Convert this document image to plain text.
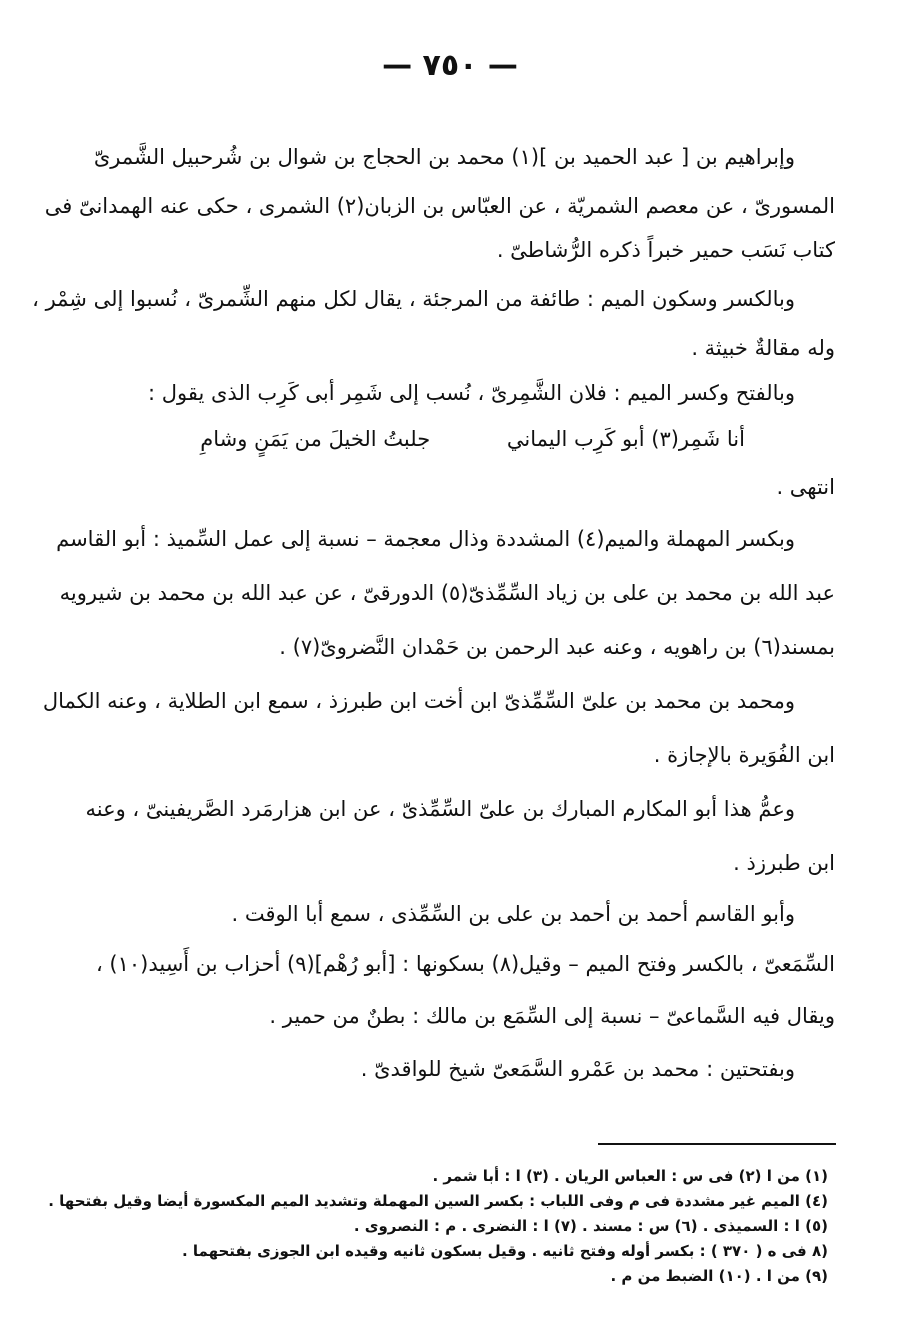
— ٧٥٠ —
وإبراهيم بن [ عبد الحميد بن ](١) محمد بن الحجاج بن شوال بن شُرحبيل الشَّمرىّ
المسورىّ ، عن معصم الشمريّة ، عن العبّاس بن الزبان(٢) الشمرى ، حكى عنه الهمدانىّ فى
كتاب نَسَب حمير خبراً ذكره الرُّشاطىّ .
وبالكسر وسكون الميم : طائفة من المرجئة ، يقال لكل منهم الشِّمرىّ ، نُسبوا إلى شِمْر ،
وله مقالةٌ خبيثة .
وبالفتح وكسر الميم : فلان الشَّمِرىّ ، نُسب إلى شَمِر أبى كَرِب الذى يقول :
أنا شَمِر(٣) أبو كَرِب اليماني جلبتُ الخيلَ من يَمَنٍ وشامِ
انتهى .
وبكسر المهملة والميم(٤) المشددة وذال معجمة – نسبة إلى عمل السِّميذ : أبو القاسم
عبد الله بن محمد بن على بن زياد السِّمِّذىّ(٥) الدورقىّ ، عن عبد الله بن محمد بن شيرويه
بمسند(٦) بن راهويه ، وعنه عبد الرحمن بن حَمْدان النَّضروىّ(٧) .
ومحمد بن محمد بن علىّ السِّمِّذىّ ابن أخت ابن طبرزذ ، سمع ابن الطلاية ، وعنه الكمال
ابن الفُوَيرة بالإجازة .
وعمُّ هذا أبو المكارم المبارك بن علىّ السِّمِّذىّ ، عن ابن هزارمَرد الصَّريفينىّ ، وعنه
ابن طبرزذ .
وأبو القاسم أحمد بن أحمد بن على بن السِّمِّذى ، سمع أبا الوقت .
السِّمَعىّ ، بالكسر وفتح الميم – وقيل(٨) بسكونها : [أبو رُهْم](٩) أحزاب بن أَسِيد(١٠) ،
ويقال فيه السَّماعىّ – نسبة إلى السِّمَع بن مالك : بطنٌ من حمير .
وبفتحتين : محمد بن عَمْرو السَّمَعىّ شيخ للواقدىّ .
(١) من ا (٢) فى س : العباس الريان . (٣) ا : أبا شمر .
(٤) الميم غير مشددة فى م وفى اللباب : بكسر السين المهملة وتشديد الميم المكسورة أيضا وقيل بفتحها .
(٥) ا : السميذى . (٦) س : مسند . (٧) ا : النضرى . م : النصروى .
(٨ فى ه ( ٣٧٠ ) : بكسر أوله وفتح ثانيه . وقيل بسكون ثانيه وقيده ابن الجوزى بفتحهما .
(٩) من ا . (١٠) الضبط من م .
